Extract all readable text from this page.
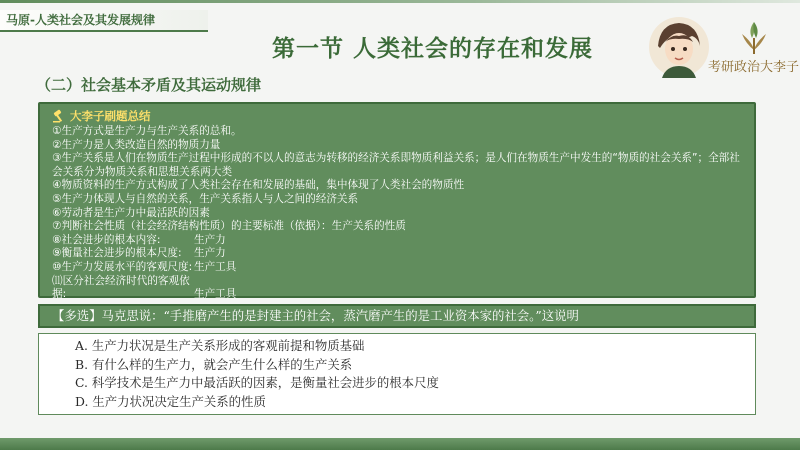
马原-人类社会及其发展规律
第一节 人类社会的存在和发展
考研政治大李子
（二）社会基本矛盾及其运动规律
大李子刷题总结
①生产方式是生产力与生产关系的总和。
②生产力是人类改造自然的物质力量
③生产关系是人们在物质生产过程中形成的不以人的意志为转移的经济关系即物质利益关系；是人们在物质生产中发生的“物质的社会关系”；全部社会关系分为物质关系和思想关系两大类
④物质资料的生产方式构成了人类社会存在和发展的基础，集中体现了人类社会的物质性
⑤生产力体现人与自然的关系，生产关系指人与人之间的经济关系
⑥劳动者是生产力中最活跃的因素
⑦判断社会性质（社会经济结构性质）的主要标准（依据）：生产关系的性质
⑧社会进步的根本内容:	生产力
⑨衡量社会进步的根本尺度: 生产力
⑩生产力发展水平的客观尺度: 生产工具
⑾区分社会经济时代的客观依据:	生产工具
【多选】马克思说：“手推磨产生的是封建主的社会，蒸汽磨产生的是工业资本家的社会。”这说明
A. 生产力状况是生产关系形成的客观前提和物质基础
B. 有什么样的生产力，就会产生什么样的生产关系
C. 科学技术是生产力中最活跃的因素，是衡量社会进步的根本尺度
D. 生产力状况决定生产关系的性质
